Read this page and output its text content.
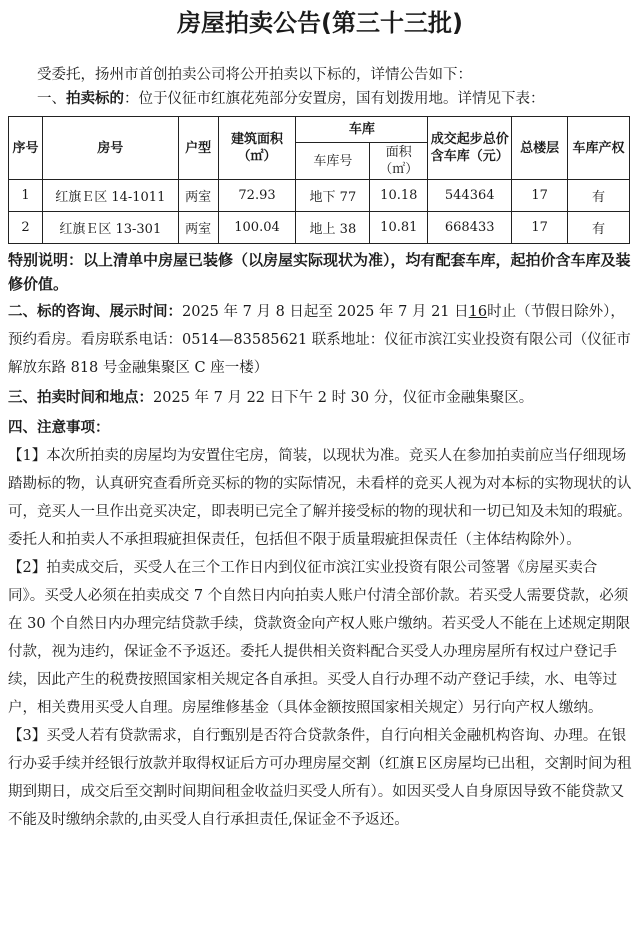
房屋拍卖公告(第三十三批)
受委托，扬州市首创拍卖公司将公开拍卖以下标的，详情公告如下：
一、拍卖标的：位于仪征市红旗花苑部分安置房，国有划拨用地。详情见下表：
序号	房号	户型	建筑面积（㎡）	车库		成交起步总价含车库（元）	总楼层	车库产权
				车库号	面积（㎡）			
1	红旗Ｅ区 14-1011	两室	72.93	地下 77	10.18	544364	17	有
2	红旗Ｅ区 13-301	两室	100.04	地上 38	10.81	668433	17	有
特别说明：以上清单中房屋已装修（以房屋实际现状为准），均有配套车库，起拍价含车库及装修价值。
二、标的咨询、展示时间：2025 年 7 月 8 日起至 2025 年 7 月 21 日16时止（节假日除外），预约看房。看房联系电话：0514—83585621 联系地址：仪征市滨江实业投资有限公司（仪征市解放东路 818 号金融集聚区 C 座一楼）
三、拍卖时间和地点：2025 年 7 月 22 日下午 2 时 30 分，仪征市金融集聚区。
四、注意事项：
【1】本次所拍卖的房屋均为安置住宅房，简装，以现状为准。竞买人在参加拍卖前应当仔细现场踏勘标的物，认真研究查看所竞买标的物的实际情况，未看样的竞买人视为对本标的实物现状的认可，竞买人一旦作出竞买决定，即表明已完全了解并接受标的物的现状和一切已知及未知的瑕疵。委托人和拍卖人不承担瑕疵担保责任，包括但不限于质量瑕疵担保责任（主体结构除外）。
【2】拍卖成交后，买受人在三个工作日内到仪征市滨江实业投资有限公司签署《房屋买卖合同》。买受人必须在拍卖成交 7 个自然日内向拍卖人账户付清全部价款。若买受人需要贷款，必须在 30 个自然日内办理完结贷款手续，贷款资金向产权人账户缴纳。若买受人不能在上述规定期限付款，视为违约，保证金不予返还。委托人提供相关资料配合买受人办理房屋所有权过户登记手续，因此产生的税费按照国家相关规定各自承担。买受人自行办理不动产登记手续，水、电等过户，相关费用买受人自理。房屋维修基金（具体金额按照国家相关规定）另行向产权人缴纳。
【3】买受人若有贷款需求，自行甄别是否符合贷款条件，自行向相关金融机构咨询、办理。在银行办妥手续并经银行放款并取得权证后方可办理房屋交割（红旗Ｅ区房屋均已出租，交割时间为租期到期日，成交后至交割时间期间租金收益归买受人所有）。如因买受人自身原因导致不能贷款又不能及时缴纳余款的,由买受人自行承担责任,保证金不予返还。
